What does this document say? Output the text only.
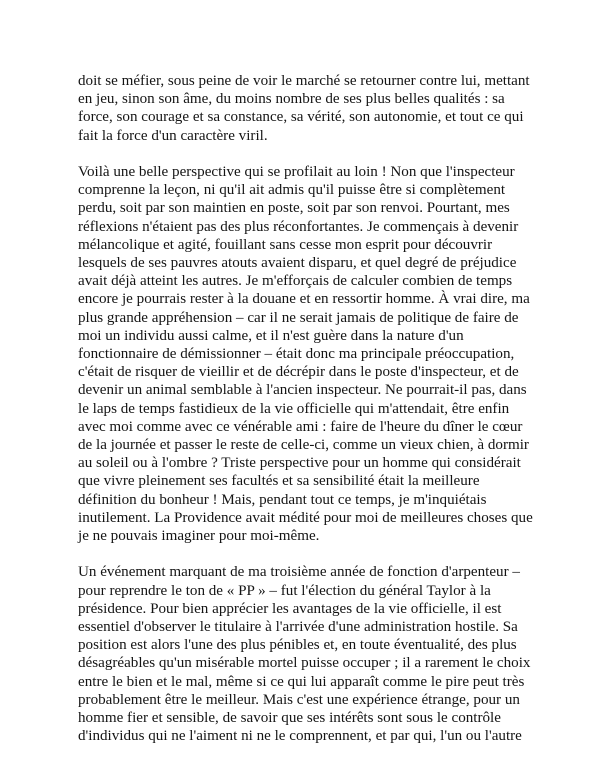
doit se méfier, sous peine de voir le marché se retourner contre lui, mettant
en jeu, sinon son âme, du moins nombre de ses plus belles qualités : sa
force, son courage et sa constance, sa vérité, son autonomie, et tout ce qui
fait la force d'un caractère viril.
Voilà une belle perspective qui se profilait au loin ! Non que l'inspecteur
comprenne la leçon, ni qu'il ait admis qu'il puisse être si complètement
perdu, soit par son maintien en poste, soit par son renvoi. Pourtant, mes
réflexions n'étaient pas des plus réconfortantes. Je commençais à devenir
mélancolique et agité, fouillant sans cesse mon esprit pour découvrir
lesquels de ses pauvres atouts avaient disparu, et quel degré de préjudice
avait déjà atteint les autres. Je m'efforçais de calculer combien de temps
encore je pourrais rester à la douane et en ressortir homme. À vrai dire, ma
plus grande appréhension – car il ne serait jamais de politique de faire de
moi un individu aussi calme, et il n'est guère dans la nature d'un
fonctionnaire de démissionner – était donc ma principale préoccupation,
c'était de risquer de vieillir et de décrépir dans le poste d'inspecteur, et de
devenir un animal semblable à l'ancien inspecteur. Ne pourrait-il pas, dans
le laps de temps fastidieux de la vie officielle qui m'attendait, être enfin
avec moi comme avec ce vénérable ami : faire de l'heure du dîner le cœur
de la journée et passer le reste de celle-ci, comme un vieux chien, à dormir
au soleil ou à l'ombre ? Triste perspective pour un homme qui considérait
que vivre pleinement ses facultés et sa sensibilité était la meilleure
définition du bonheur ! Mais, pendant tout ce temps, je m'inquiétais
inutilement. La Providence avait médité pour moi de meilleures choses que
je ne pouvais imaginer pour moi-même.
Un événement marquant de ma troisième année de fonction d'arpenteur –
pour reprendre le ton de « PP » – fut l'élection du général Taylor à la
présidence. Pour bien apprécier les avantages de la vie officielle, il est
essentiel d'observer le titulaire à l'arrivée d'une administration hostile. Sa
position est alors l'une des plus pénibles et, en toute éventualité, des plus
désagréables qu'un misérable mortel puisse occuper ; il a rarement le choix
entre le bien et le mal, même si ce qui lui apparaît comme le pire peut très
probablement être le meilleur. Mais c'est une expérience étrange, pour un
homme fier et sensible, de savoir que ses intérêts sont sous le contrôle
d'individus qui ne l'aiment ni ne le comprennent, et par qui, l'un ou l'autre
